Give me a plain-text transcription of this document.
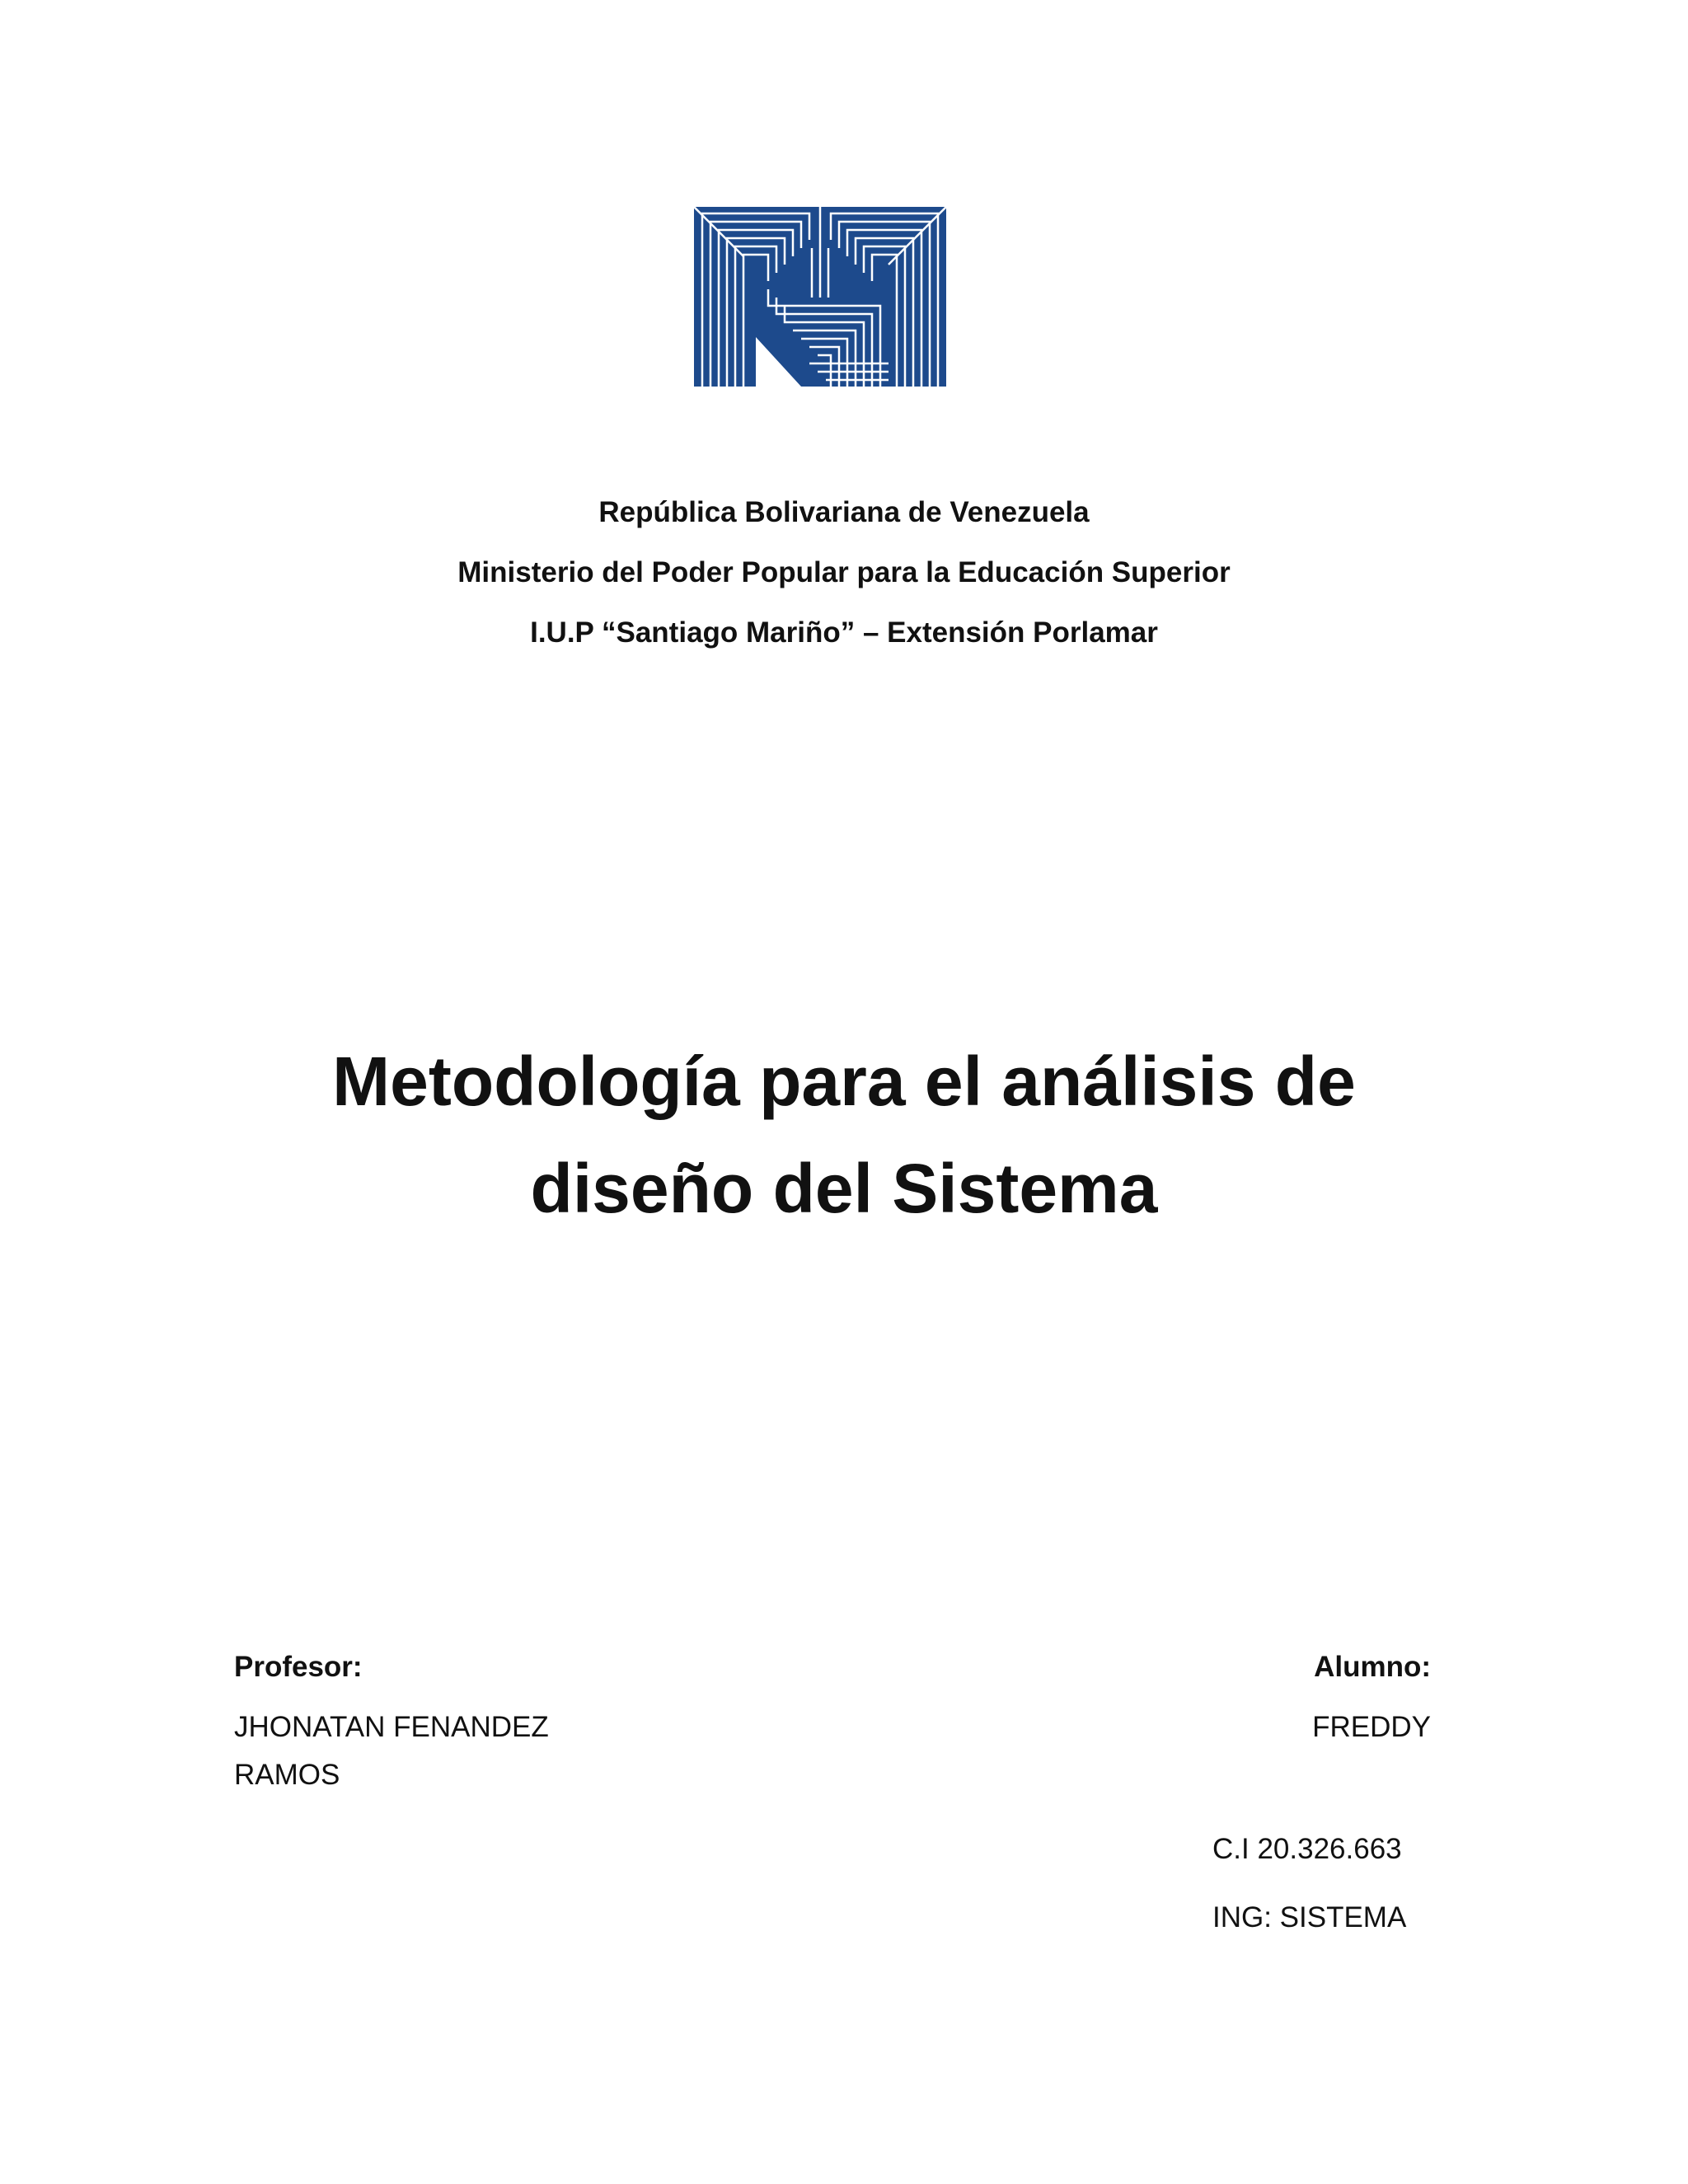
República Bolivariana de Venezuela
Ministerio del Poder Popular para la Educación Superior
I.U.P “Santiago Mariño” – Extensión Porlamar
Metodología para el análisis de
diseño del Sistema
Profesor:
JHONATAN FENANDEZ
RAMOS
Alumno:
FREDDY
C.I 20.326.663
ING: SISTEMA
